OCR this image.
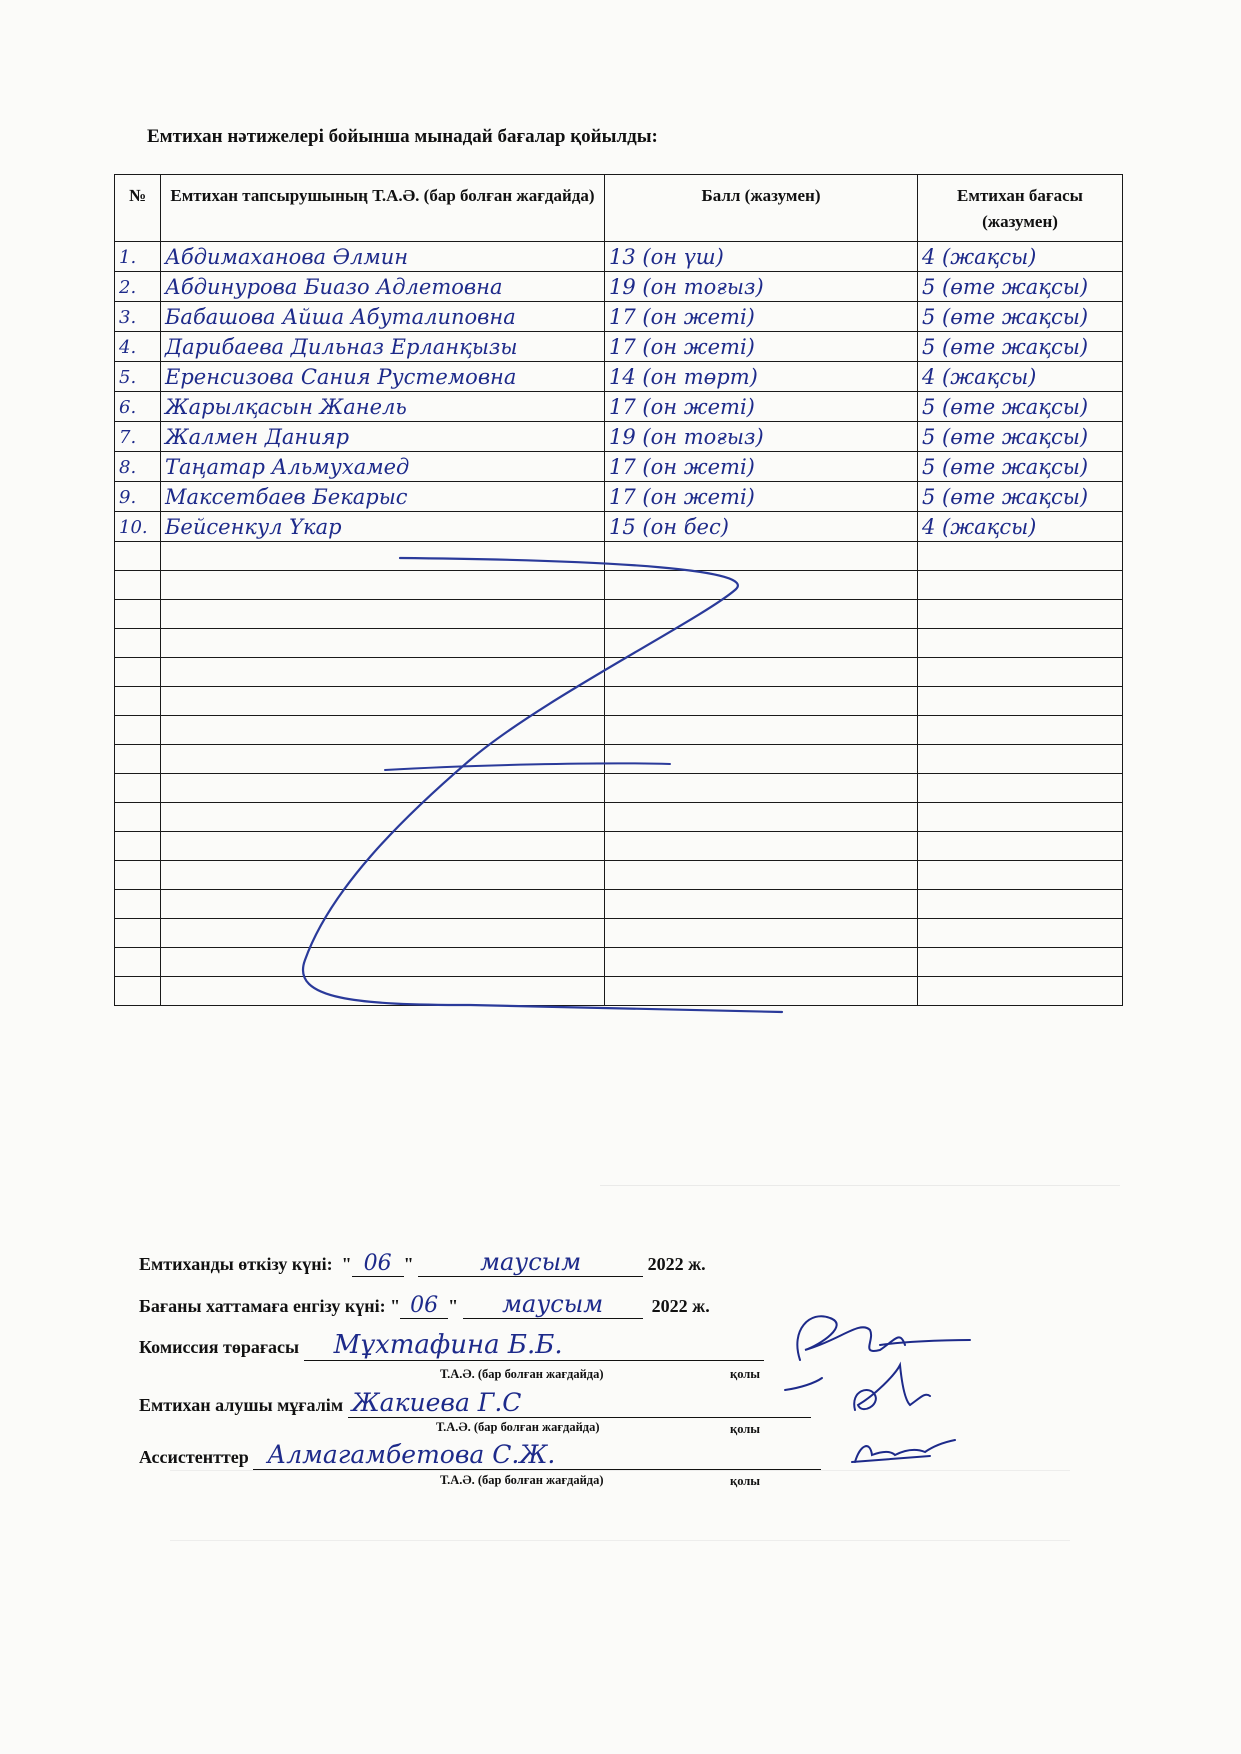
Емтихан нәтижелері бойынша мынадай бағалар қойылды:
№	Емтихан тапсырушының Т.А.Ә. (бар болған жағдайда)	Балл (жазумен)	Емтихан бағасы (жазумен)
1.	Абдимаханова Әлмин	13 (он үш)	4 (жақсы)
2.	Абдинурова Биазо Адлетовна	19 (он тоғыз)	5 (өте жақсы)
3.	Бабашова Айша Абуталиповна	17 (он жеті)	5 (өте жақсы)
4.	Дарибаева Дильназ Ерланқызы	17 (он жеті)	5 (өте жақсы)
5.	Еренсизова Сания Рустемовна	14 (он төрт)	4 (жақсы)
6.	Жарылқасын Жанель	17 (он жеті)	5 (өте жақсы)
7.	Жалмен Данияр	19 (он тоғыз)	5 (өте жақсы)
8.	Таңатар Альмухамед	17 (он жеті)	5 (өте жақсы)
9.	Максетбаев Бекарыс	17 (он жеті)	5 (өте жақсы)
10.	Бейсенкул Үкар	15 (он бес)	4 (жақсы)

Емтиханды өткізу күні:  " 06 "	маусым	2022 ж.
Бағаны хаттамаға енгізу күні: " 06 " маусым	2022 ж.
Комиссия төрағасы Мұхтафина Б.Б.
Т.А.Ә. (бар болған жағдайда)	қолы
Емтихан алушы мұғалім Жакиева Г.С
Т.А.Ә. (бар болған жағдайда)	қолы
Ассистенттер Алмагамбетова С.Ж.
Т.А.Ә. (бар болған жағдайда)	қолы
